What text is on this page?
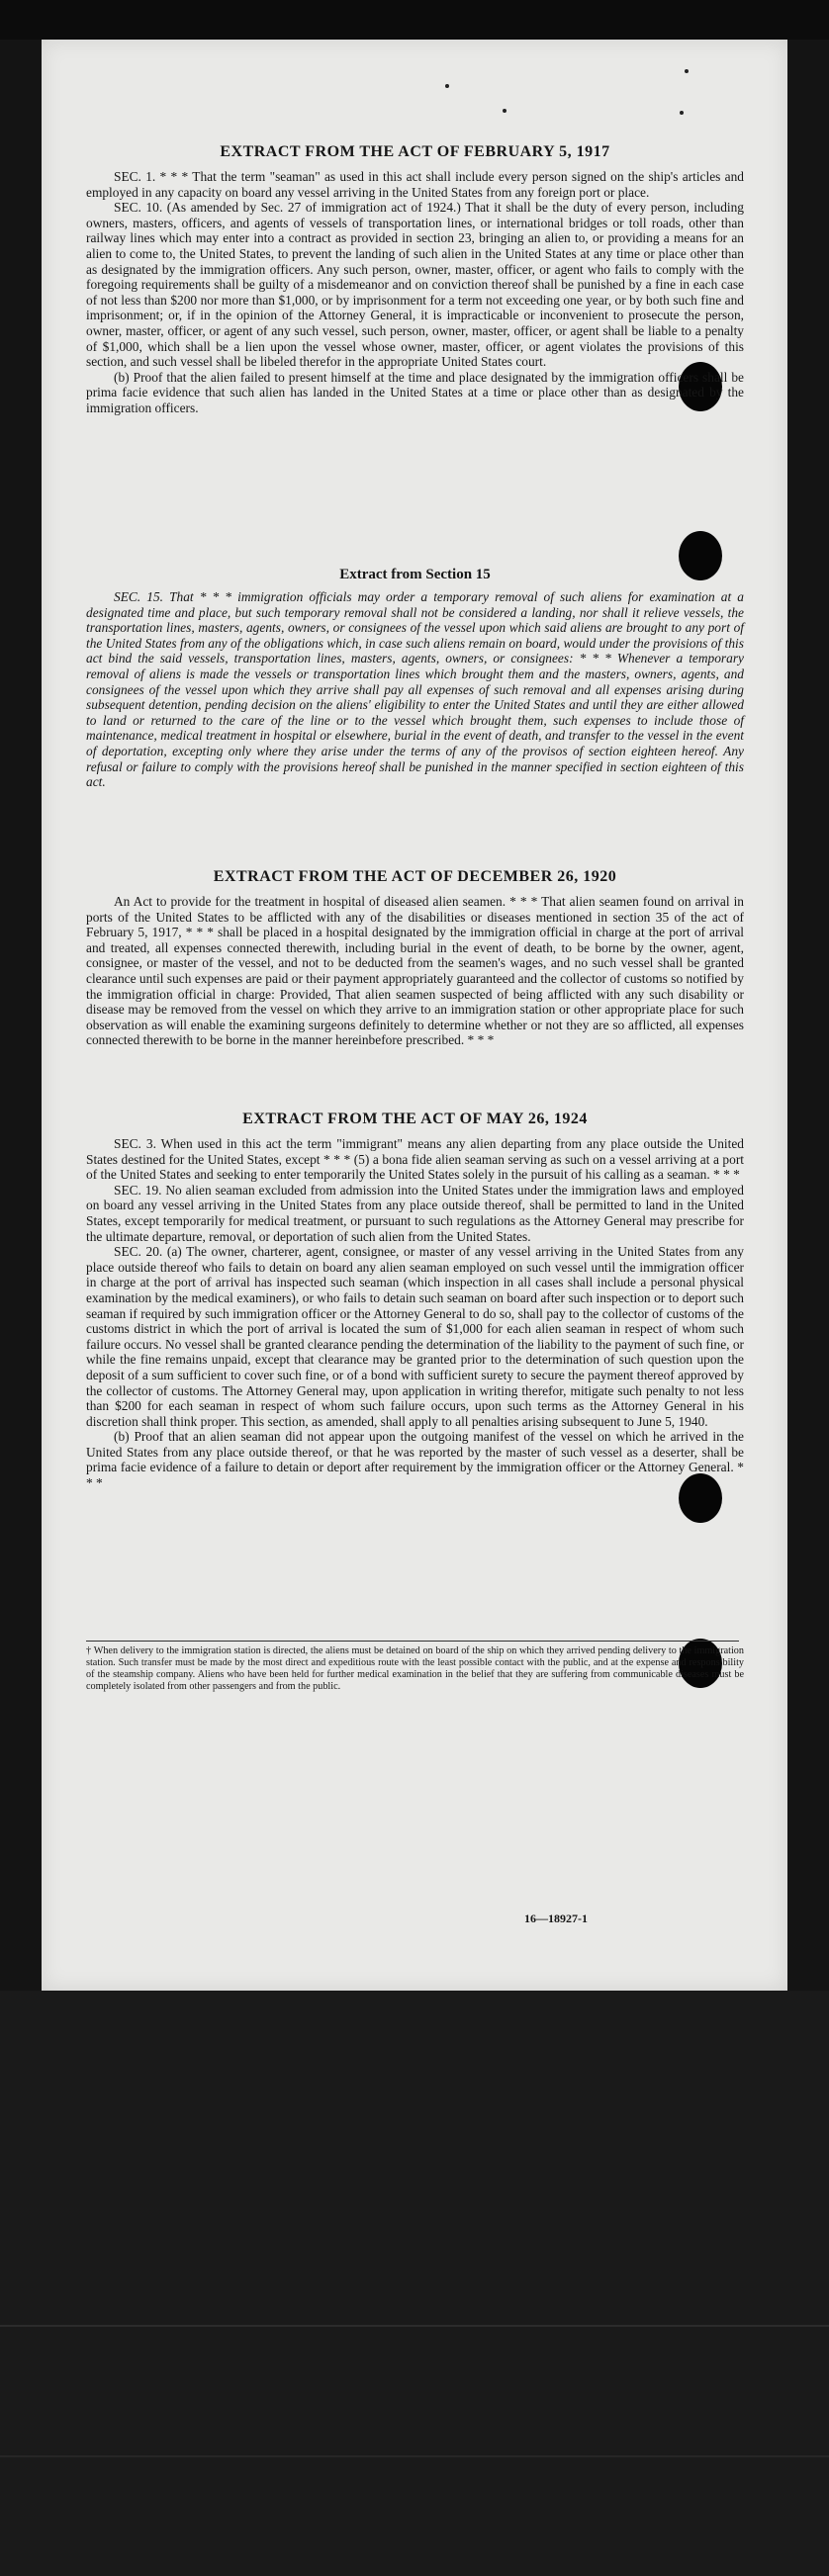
EXTRACT FROM THE ACT OF FEBRUARY 5, 1917

SEC. 1. * * * That the term "seaman" as used in this act shall include every person signed on the ship's articles and employed in any capacity on board any vessel arriving in the United States from any foreign port or place.

SEC. 10. (As amended by Sec. 27 of immigration act of 1924.) That it shall be the duty of every person, including owners, masters, officers, and agents of vessels of transportation lines, or international bridges or toll roads, other than railway lines which may enter into a contract as provided in section 23, bringing an alien to, or providing a means for an alien to come to, the United States, to prevent the landing of such alien in the United States at any time or place other than as designated by the immigration officers. Any such person, owner, master, officer, or agent who fails to comply with the foregoing requirements shall be guilty of a misdemeanor and on conviction thereof shall be punished by a fine in each case of not less than $200 nor more than $1,000, or by imprisonment for a term not exceeding one year, or by both such fine and imprisonment; or, if in the opinion of the Attorney General, it is impracticable or inconvenient to prosecute the person, owner, master, officer, or agent of any such vessel, such person, owner, master, officer, or agent shall be liable to a penalty of $1,000, which shall be a lien upon the vessel whose owner, master, officer, or agent violates the provisions of this section, and such vessel shall be libeled therefor in the appropriate United States court.

(b) Proof that the alien failed to present himself at the time and place designated by the immigration officers shall be prima facie evidence that such alien has landed in the United States at a time or place other than as designated by the immigration officers.

Extract from Section 15

SEC. 15. That * * * immigration officials may order a temporary removal of such aliens for examination at a designated time and place, but such temporary removal shall not be considered a landing, nor shall it relieve vessels, the transportation lines, masters, agents, owners, or consignees of the vessel upon which said aliens are brought to any port of the United States from any of the obligations which, in case such aliens remain on board, would under the provisions of this act bind the said vessels, transportation lines, masters, agents, owners, or consignees: * * * Whenever a temporary removal of aliens is made the vessels or transportation lines which brought them and the masters, owners, agents, and consignees of the vessel upon which they arrive shall pay all expenses of such removal and all expenses arising during subsequent detention, pending decision on the aliens' eligibility to enter the United States and until they are either allowed to land or returned to the care of the line or to the vessel which brought them, such expenses to include those of maintenance, medical treatment in hospital or elsewhere, burial in the event of death, and transfer to the vessel in the event of deportation, excepting only where they arise under the terms of any of the provisos of section eighteen hereof. Any refusal or failure to comply with the provisions hereof shall be punished in the manner specified in section eighteen of this act.

EXTRACT FROM THE ACT OF DECEMBER 26, 1920

An Act to provide for the treatment in hospital of diseased alien seamen. * * * That alien seamen found on arrival in ports of the United States to be afflicted with any of the disabilities or diseases mentioned in section 35 of the act of February 5, 1917, * * * shall be placed in a hospital designated by the immigration official in charge at the port of arrival and treated, all expenses connected therewith, including burial in the event of death, to be borne by the owner, agent, consignee, or master of the vessel, and not to be deducted from the seamen's wages, and no such vessel shall be granted clearance until such expenses are paid or their payment appropriately guaranteed and the collector of customs so notified by the immigration official in charge: Provided, That alien seamen suspected of being afflicted with any such disability or disease may be removed from the vessel on which they arrive to an immigration station or other appropriate place for such observation as will enable the examining surgeons definitely to determine whether or not they are so afflicted, all expenses connected therewith to be borne in the manner hereinbefore prescribed. * * *

EXTRACT FROM THE ACT OF MAY 26, 1924

SEC. 3. When used in this act the term "immigrant" means any alien departing from any place outside the United States destined for the United States, except * * * (5) a bona fide alien seaman serving as such on a vessel arriving at a port of the United States and seeking to enter temporarily the United States solely in the pursuit of his calling as a seaman. * * *

SEC. 19. No alien seaman excluded from admission into the United States under the immigration laws and employed on board any vessel arriving in the United States from any place outside thereof, shall be permitted to land in the United States, except temporarily for medical treatment, or pursuant to such regulations as the Attorney General may prescribe for the ultimate departure, removal, or deportation of such alien from the United States.

SEC. 20. (a) The owner, charterer, agent, consignee, or master of any vessel arriving in the United States from any place outside thereof who fails to detain on board any alien seaman employed on such vessel until the immigration officer in charge at the port of arrival has inspected such seaman (which inspection in all cases shall include a personal physical examination by the medical examiners), or who fails to detain such seaman on board after such inspection or to deport such seaman if required by such immigration officer or the Attorney General to do so, shall pay to the collector of customs of the customs district in which the port of arrival is located the sum of $1,000 for each alien seaman in respect of whom such failure occurs. No vessel shall be granted clearance pending the determination of the liability to the payment of such fine, or while the fine remains unpaid, except that clearance may be granted prior to the determination of such question upon the deposit of a sum sufficient to cover such fine, or of a bond with sufficient surety to secure the payment thereof approved by the collector of customs. The Attorney General may, upon application in writing therefor, mitigate such penalty to not less than $200 for each seaman in respect of whom such failure occurs, upon such terms as the Attorney General in his discretion shall think proper. This section, as amended, shall apply to all penalties arising subsequent to June 5, 1940.

(b) Proof that an alien seaman did not appear upon the outgoing manifest of the vessel on which he arrived in the United States from any place outside thereof, or that he was reported by the master of such vessel as a deserter, shall be prima facie evidence of a failure to detain or deport after requirement by the immigration officer or the Attorney General. * * *

† When delivery to the immigration station is directed, the aliens must be detained on board of the ship on which they arrived pending delivery to the immigration station. Such transfer must be made by the most direct and expeditious route with the least possible contact with the public, and at the expense and responsibility of the steamship company. Aliens who have been held for further medical examination in the belief that they are suffering from communicable diseases must be completely isolated from other passengers and from the public.
16—18927-1
